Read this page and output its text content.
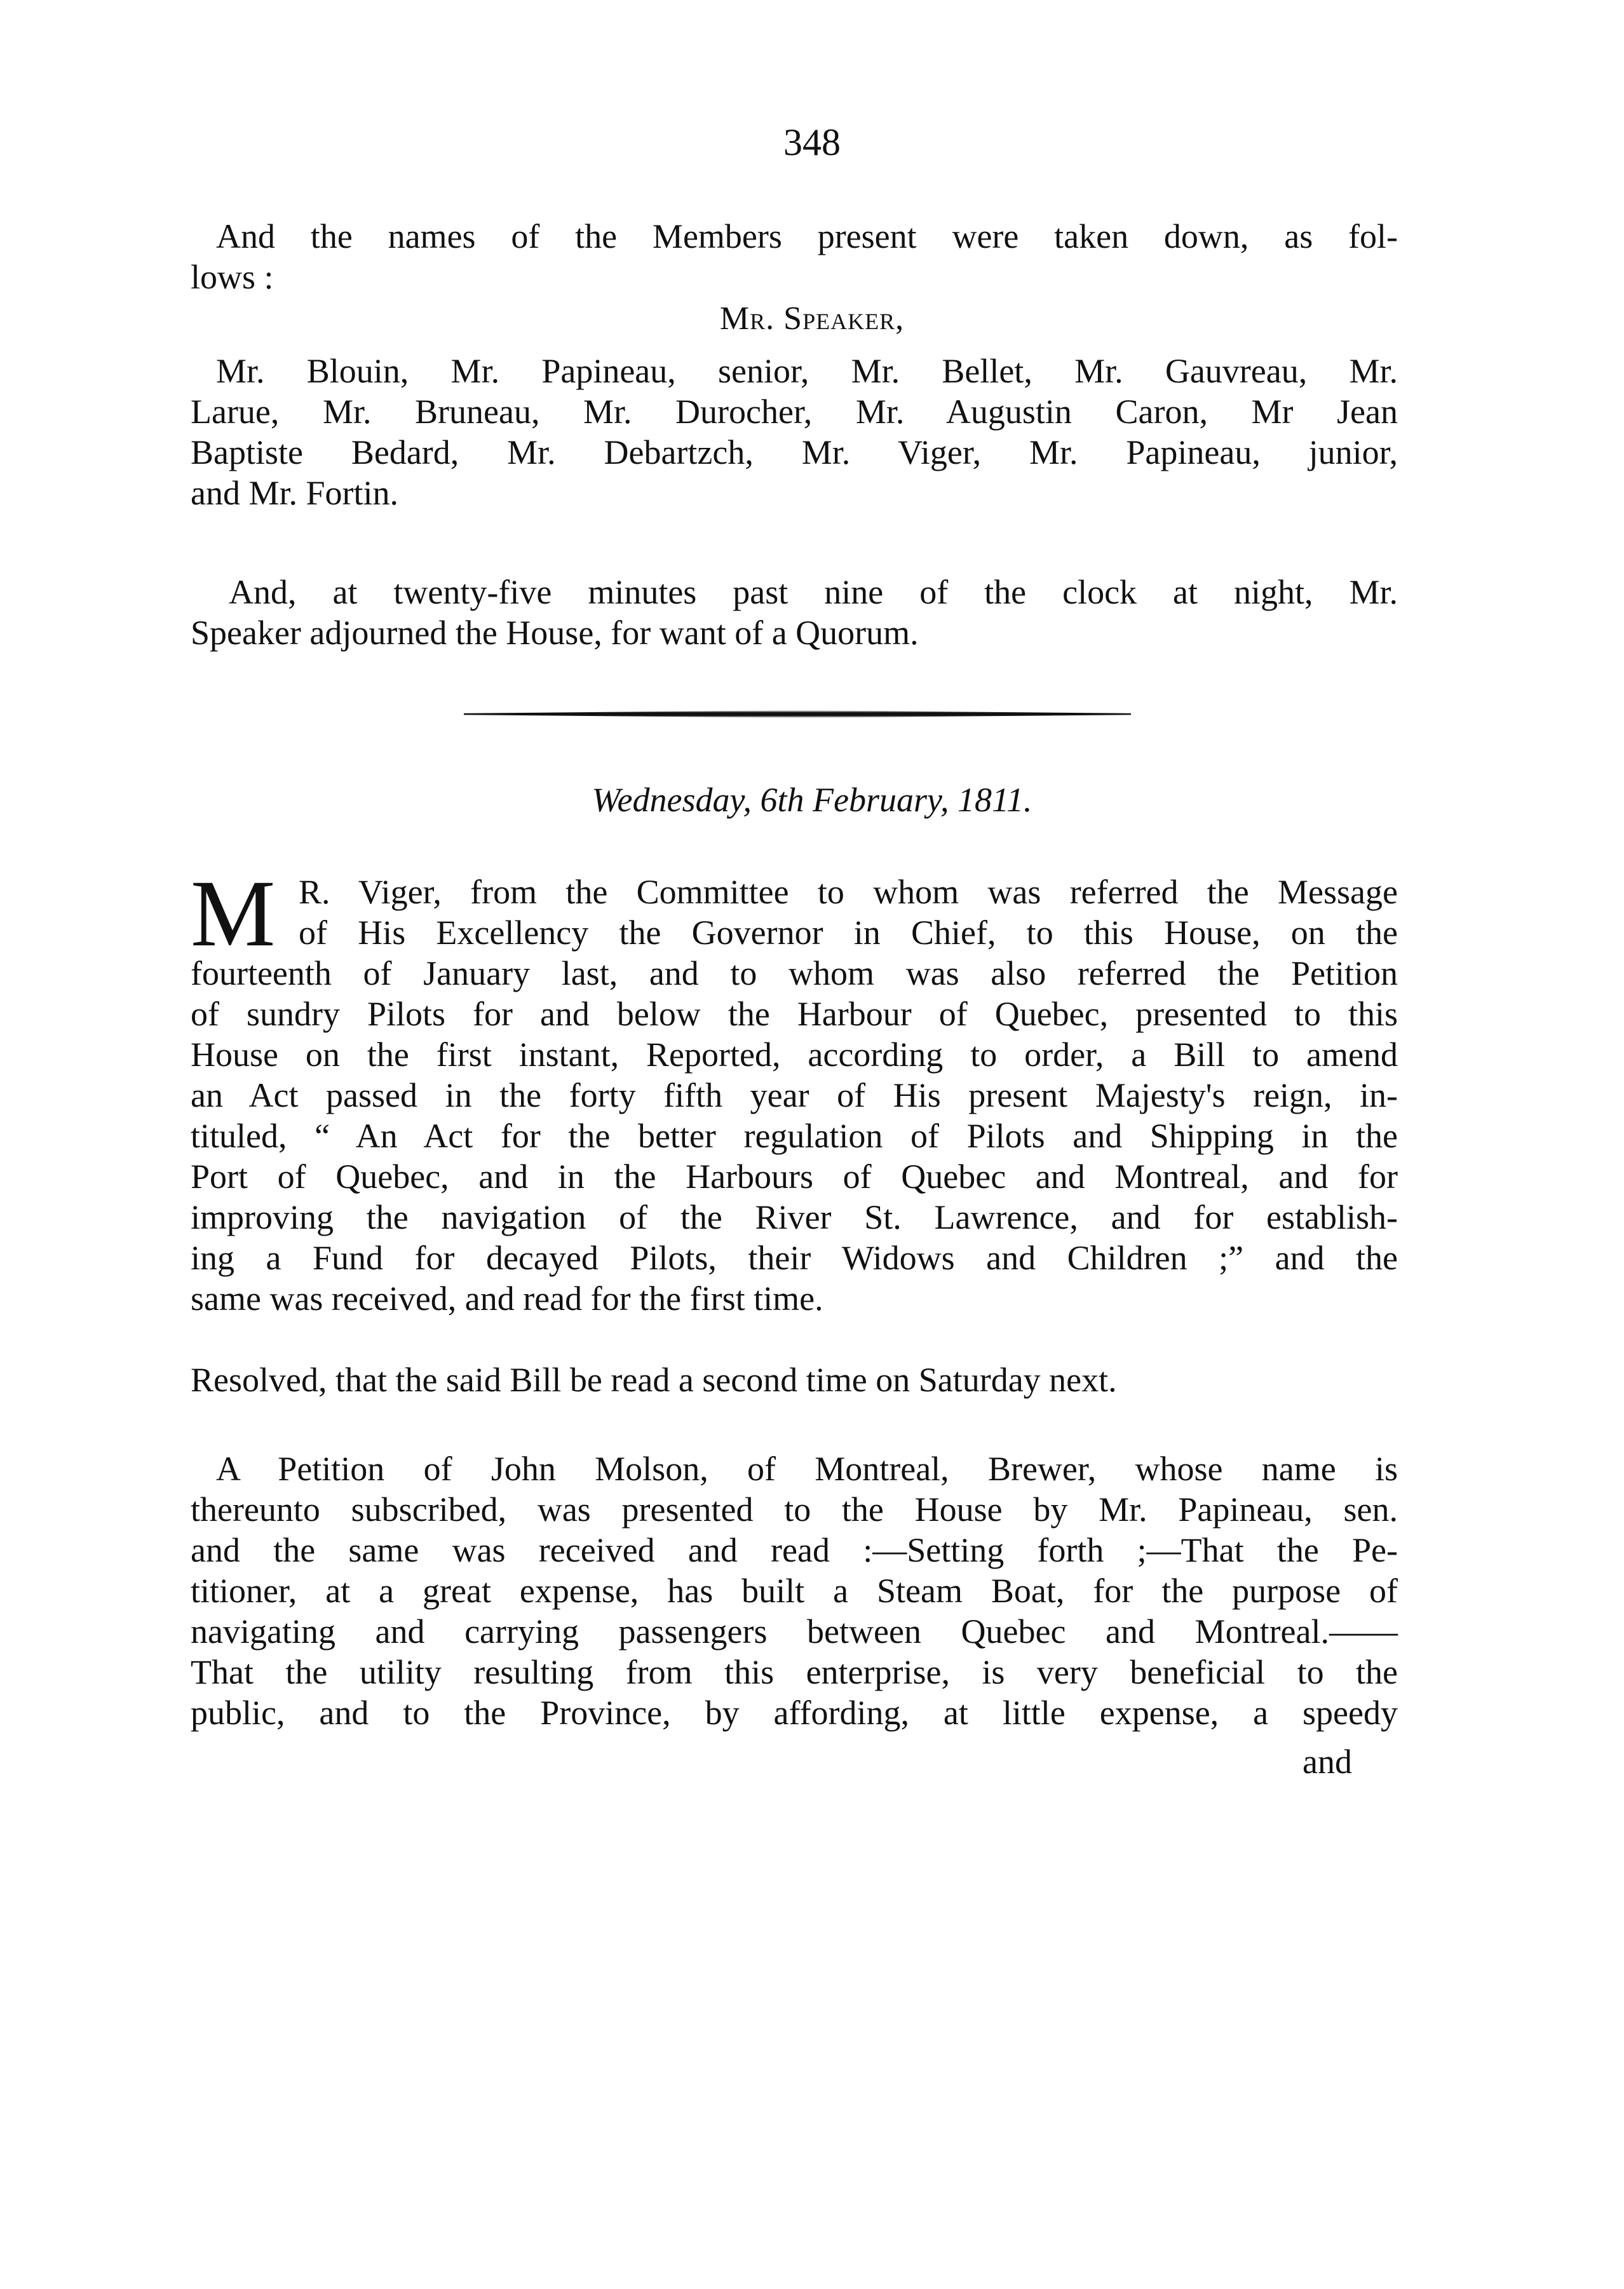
348
And the names of the Members present were taken down, as fol-
lows :
Mr. Speaker,
Mr. Blouin, Mr. Papineau, senior, Mr. Bellet, Mr. Gauvreau, Mr.
Larue, Mr. Bruneau, Mr. Durocher, Mr. Augustin Caron, Mr Jean
Baptiste Bedard, Mr. Debartzch, Mr. Viger, Mr. Papineau, junior,
and Mr. Fortin.
And, at twenty-five minutes past nine of the clock at night, Mr.
Speaker adjourned the House, for want of a Quorum.
Wednesday, 6th February, 1811.
M R. Viger, from the Committee to whom was referred the Message
of His Excellency the Governor in Chief, to this House, on the
fourteenth of January last, and to whom was also referred the Petition
of sundry Pilots for and below the Harbour of Quebec, presented to this
House on the first instant, Reported, according to order, a Bill to amend
an Act passed in the forty fifth year of His present Majesty's reign, in-
tituled, “ An Act for the better regulation of Pilots and Shipping in the
Port of Quebec, and in the Harbours of Quebec and Montreal, and for
improving the navigation of the River St. Lawrence, and for establish-
ing a Fund for decayed Pilots, their Widows and Children ;” and the
same was received, and read for the first time.
Resolved, that the said Bill be read a second time on Saturday next.
A Petition of John Molson, of Montreal, Brewer, whose name is
thereunto subscribed, was presented to the House by Mr. Papineau, sen.
and the same was received and read :—Setting forth ;—That the Pe-
titioner, at a great expense, has built a Steam Boat, for the purpose of
navigating and carrying passengers between Quebec and Montreal.——
That the utility resulting from this enterprise, is very beneficial to the
public, and to the Province, by affording, at little expense, a speedy
and
